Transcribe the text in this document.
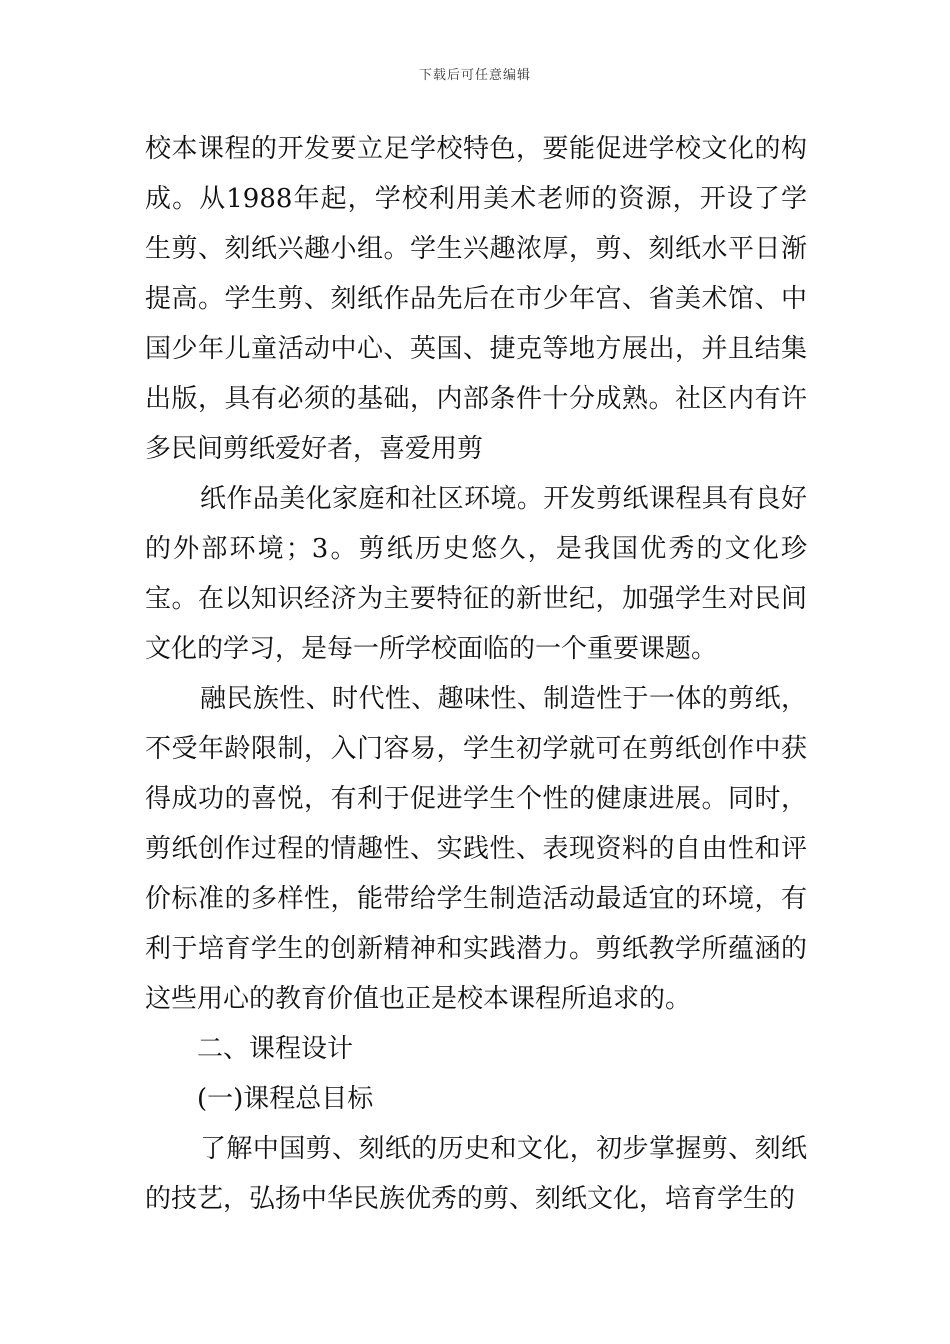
下载后可任意编辑

校本课程的开发要立足学校特色，要能促进学校文化的构成。从1988年起，学校利用美术老师的资源，开设了学生剪、刻纸兴趣小组。学生兴趣浓厚，剪、刻纸水平日渐提高。学生剪、刻纸作品先后在市少年宫、省美术馆、中国少年儿童活动中心、英国、捷克等地方展出，并且结集出版，具有必须的基础，内部条件十分成熟。社区内有许多民间剪纸爱好者，喜爱用剪

纸作品美化家庭和社区环境。开发剪纸课程具有良好的外部环境；3。剪纸历史悠久，是我国优秀的文化珍宝。在以知识经济为主要特征的新世纪，加强学生对民间文化的学习，是每一所学校面临的一个重要课题。

融民族性、时代性、趣味性、制造性于一体的剪纸，不受年龄限制，入门容易，学生初学就可在剪纸创作中获得成功的喜悦，有利于促进学生个性的健康进展。同时，剪纸创作过程的情趣性、实践性、表现资料的自由性和评价标准的多样性，能带给学生制造活动最适宜的环境，有利于培育学生的创新精神和实践潜力。剪纸教学所蕴涵的这些用心的教育价值也正是校本课程所追求的。

二、课程设计

(一)课程总目标

了解中国剪、刻纸的历史和文化，初步掌握剪、刻纸的技艺，弘扬中华民族优秀的剪、刻纸文化，培育学生的
